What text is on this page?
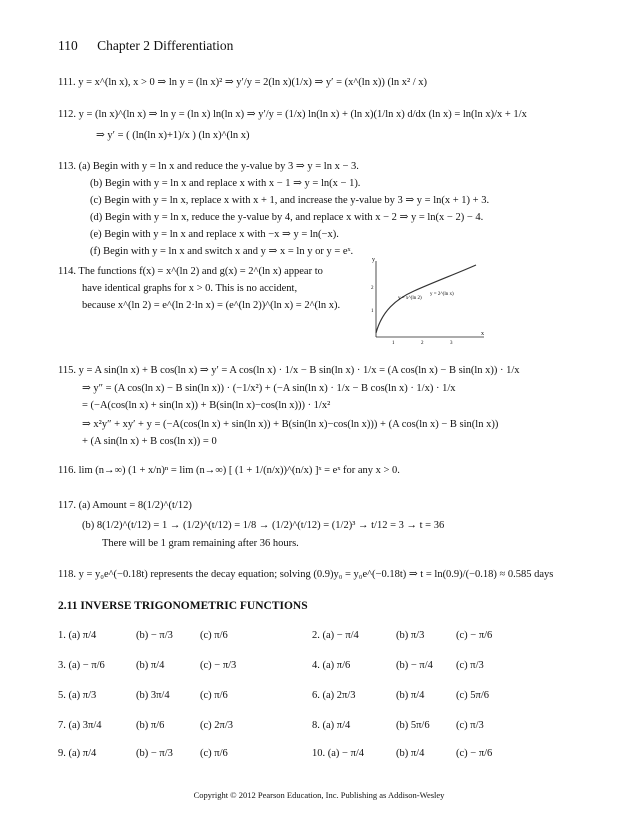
110 Chapter 2 Differentiation
111. y = x^(ln x), x > 0 ⇒ ln y = (ln x)² ⇒ y′/y = 2(ln x)(1/x) ⇒ y′ = (x^(ln x)) (ln x² / x)
112. y = (ln x)^(ln x) ⇒ ln y = (ln x) ln(ln x) ⇒ y′/y = (1/x) ln(ln x) + (ln x)(1/ln x) d/dx (ln x) = ln(ln x)/x + 1/x
⇒ y′ = ( (ln(ln x)+1)/x ) (ln x)^(ln x)
113. (a) Begin with y = ln x and reduce the y-value by 3 ⇒ y = ln x − 3.
(b) Begin with y = ln x and replace x with x − 1 ⇒ y = ln(x − 1).
(c) Begin with y = ln x, replace x with x + 1, and increase the y-value by 3 ⇒ y = ln(x + 1) + 3.
(d) Begin with y = ln x, reduce the y-value by 4, and replace x with x − 2 ⇒ y = ln(x − 2) − 4.
(e) Begin with y = ln x and replace x with −x ⇒ y = ln(−x).
(f) Begin with y = ln x and switch x and y ⇒ x = ln y or y = eˣ.
114. The functions f(x) = x^(ln 2) and g(x) = 2^(ln x) appear to
have identical graphs for x > 0. This is no accident,
because x^(ln 2) = e^(ln 2·ln x) = (e^(ln 2))^(ln x) = 2^(ln x).
y
x
y = x^(ln 2)
y = 2^(ln x)
1	2	3
1
2
115. y = A sin(ln x) + B cos(ln x) ⇒ y′ = A cos(ln x) · 1/x − B sin(ln x) · 1/x = (A cos(ln x) − B sin(ln x)) · 1/x
⇒ y″ = (A cos(ln x) − B sin(ln x)) · (−1/x²) + (−A sin(ln x) · 1/x − B cos(ln x) · 1/x) · 1/x
= (−A(cos(ln x) + sin(ln x)) + B(sin(ln x)−cos(ln x))) · 1/x²
⇒ x²y″ + xy′ + y = (−A(cos(ln x) + sin(ln x)) + B(sin(ln x)−cos(ln x))) + (A cos(ln x) − B sin(ln x))
+ (A sin(ln x) + B cos(ln x)) = 0
116. lim (n→∞) (1 + x/n)ⁿ = lim (n→∞) [ (1 + 1/(n/x))^(n/x) ]ˣ = eˣ for any x > 0.
117. (a) Amount = 8(1/2)^(t/12)
(b) 8(1/2)^(t/12) = 1 → (1/2)^(t/12) = 1/8 → (1/2)^(t/12) = (1/2)³ → t/12 = 3 → t = 36
There will be 1 gram remaining after 36 hours.
118. y = y₀e^(−0.18t) represents the decay equation; solving (0.9)y₀ = y₀e^(−0.18t) ⇒ t = ln(0.9)/(−0.18) ≈ 0.585 days
2.11 INVERSE TRIGONOMETRIC FUNCTIONS
1. (a) π/4	(b) − π/3	(c) π/6	2. (a) − π/4	(b) π/3	(c) − π/6
3. (a) − π/6	(b) π/4	(c) − π/3	4. (a) π/6	(b) − π/4 (c) π/3
5. (a) π/3	(b) 3π/4	(c) π/6	6. (a) 2π/3	(b) π/4	(c) 5π/6
7. (a) 3π/4	(b) π/6	(c) 2π/3	8. (a) π/4	(b) 5π/6	(c) π/3
9. (a) π/4	(b) − π/3	(c) π/6	10. (a) − π/4	(b) π/4	(c) − π/6
Copyright © 2012 Pearson Education, Inc. Publishing as Addison-Wesley
